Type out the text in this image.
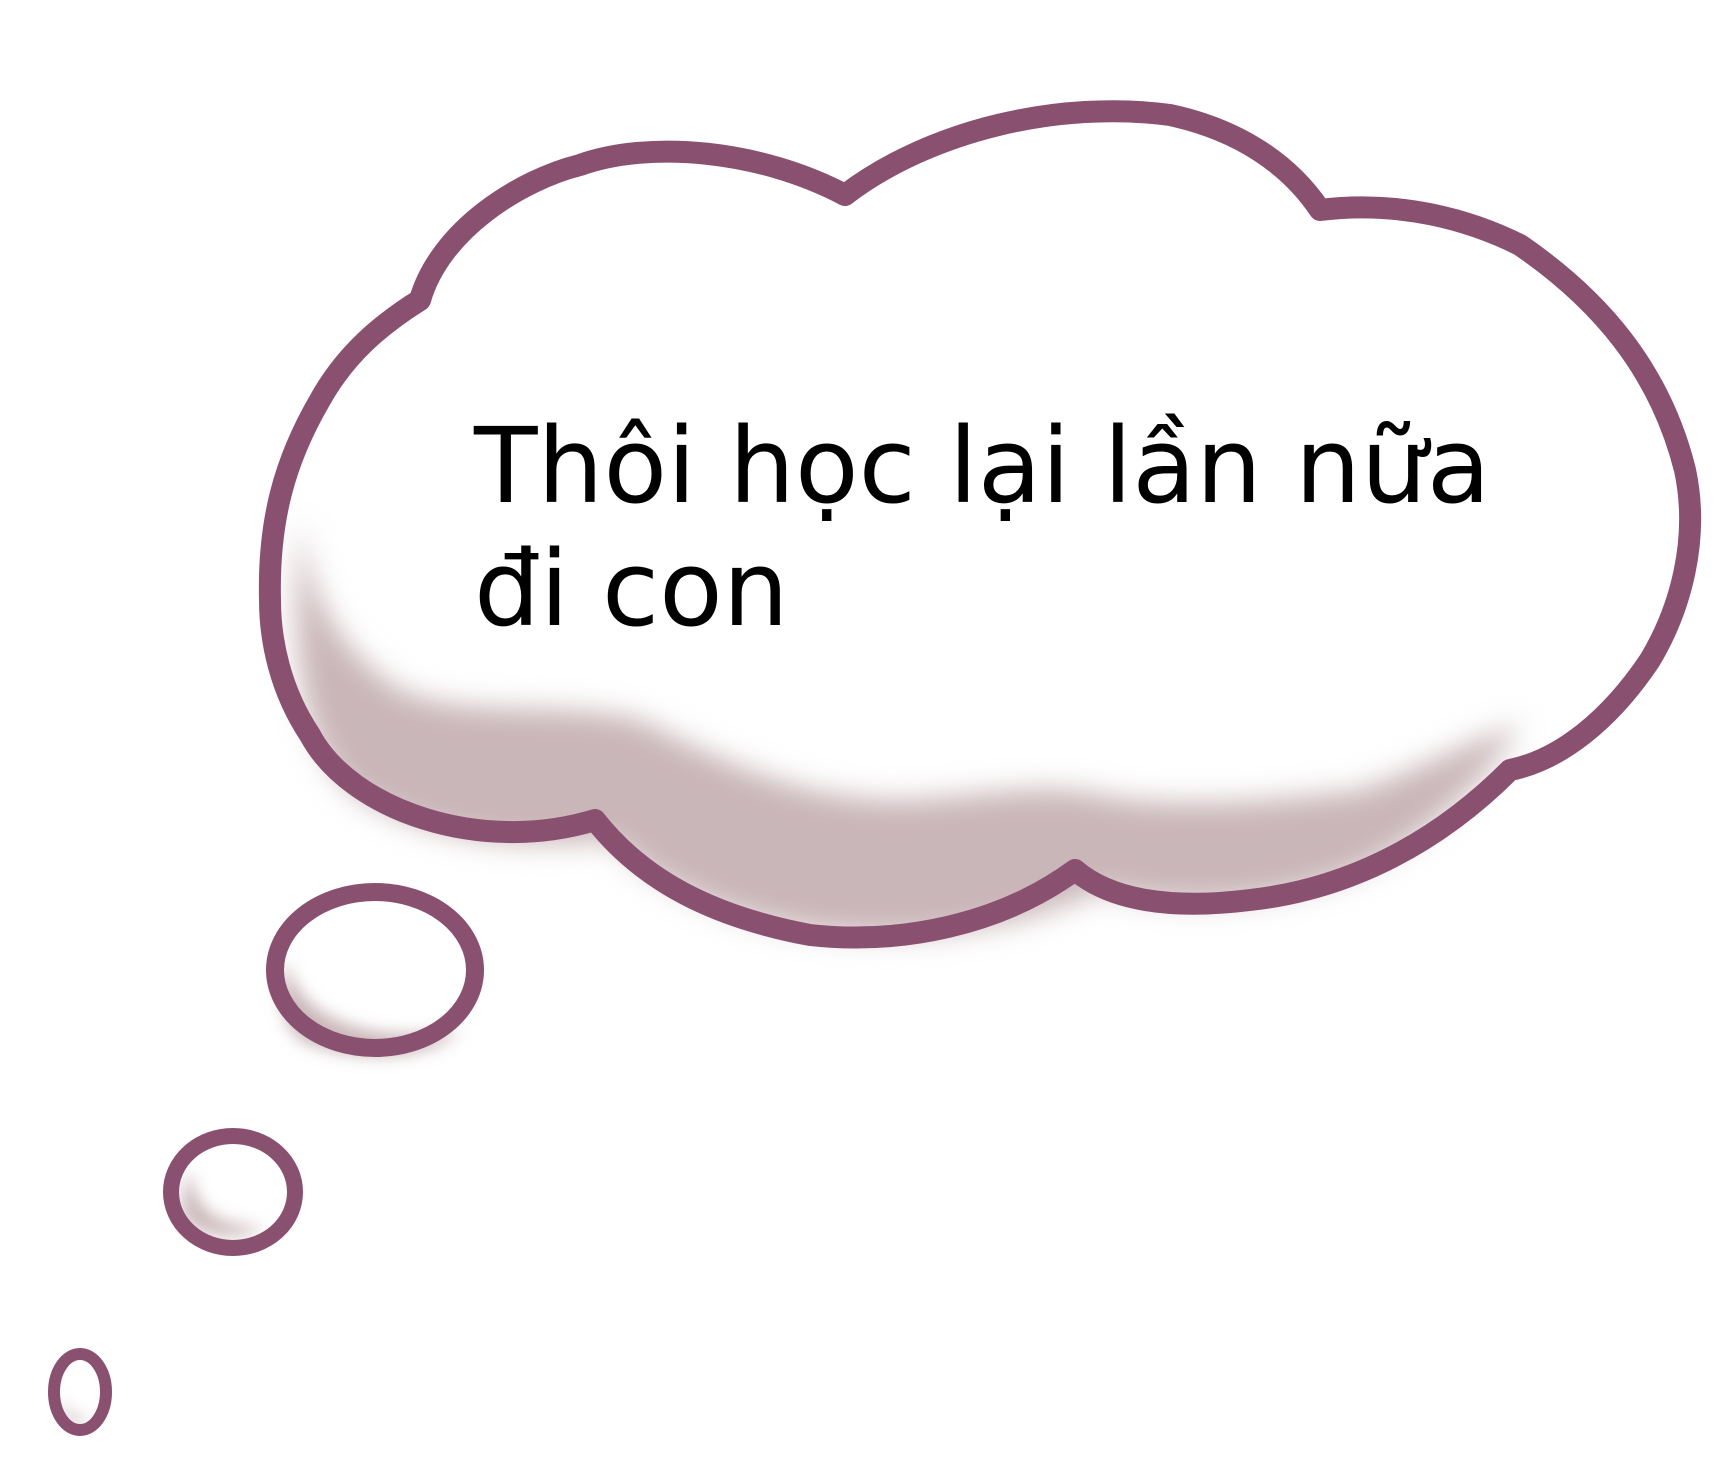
Thôi học lại lần nữa
đi con
